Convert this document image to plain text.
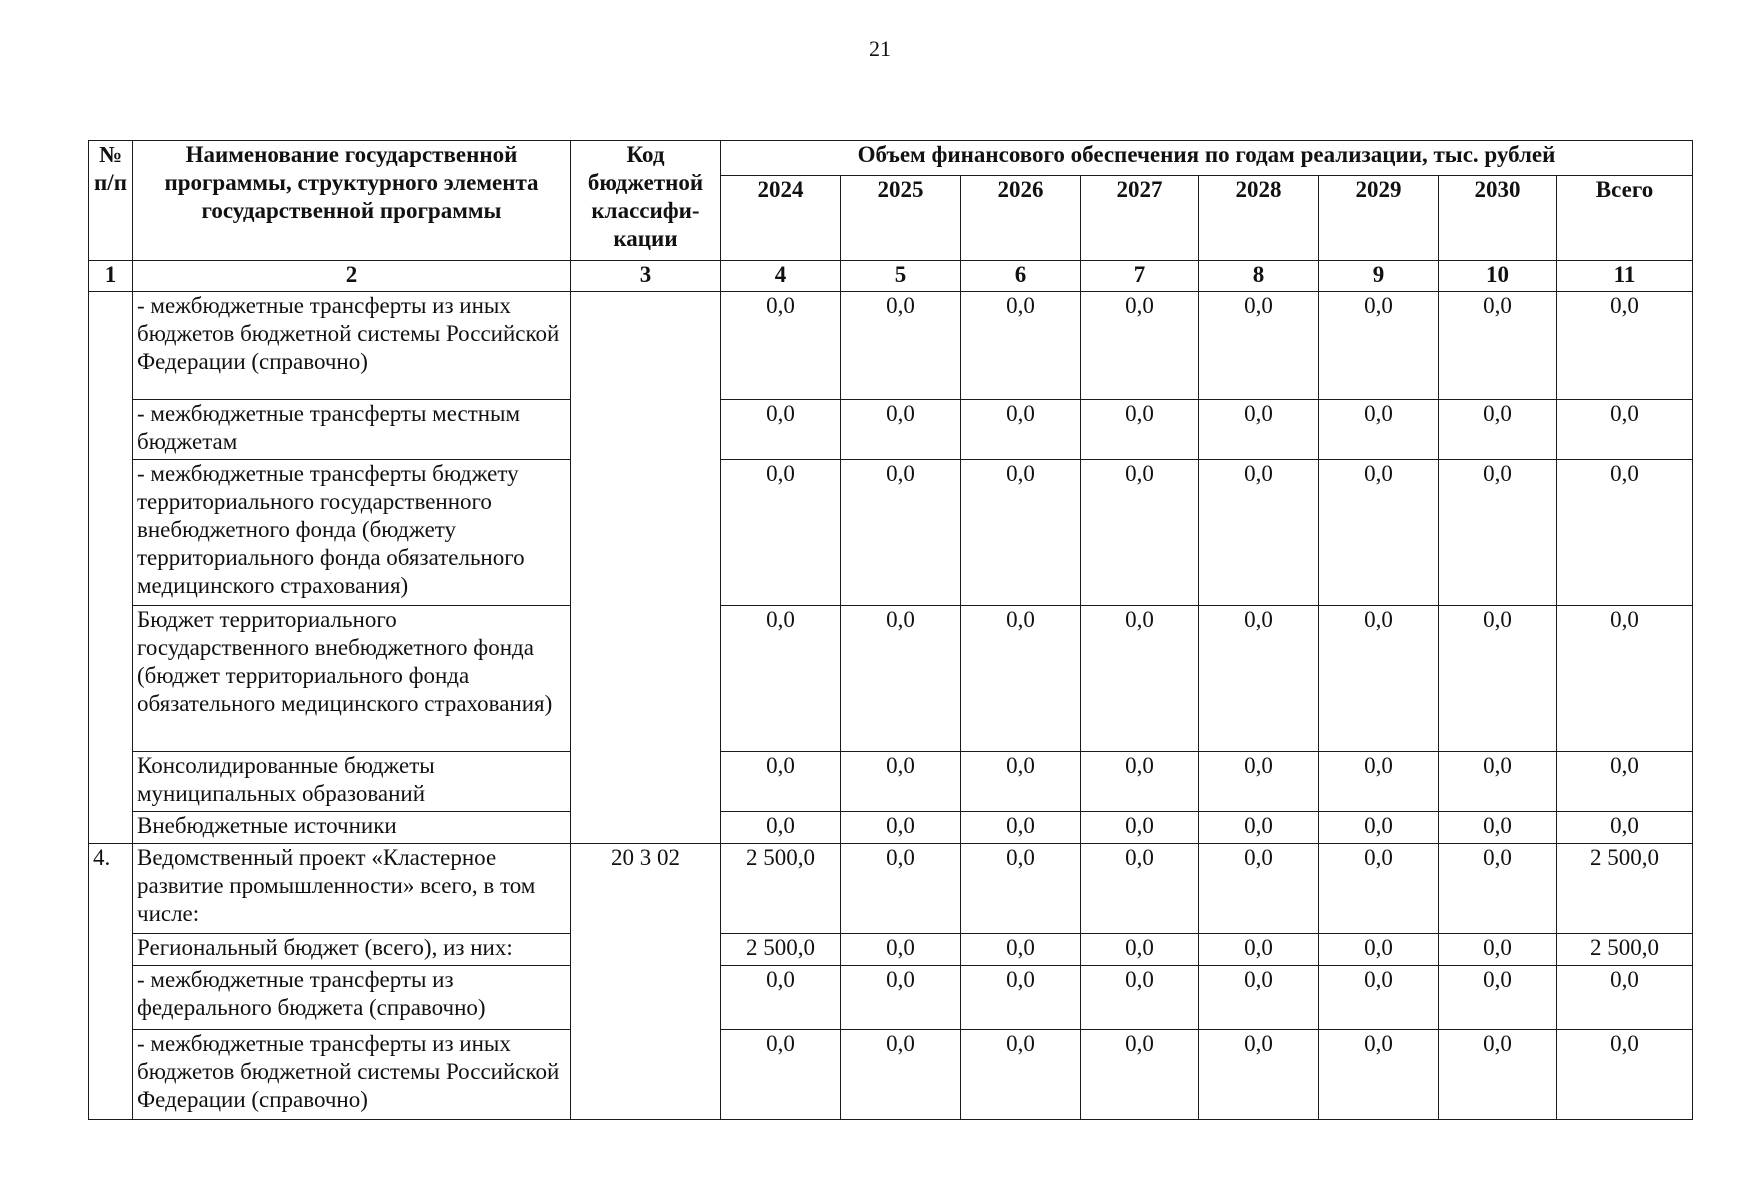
21
№ п/п	Наименование государственной программы, структурного элемента государственной программы	Код бюджетной классифи-кации	Объем финансового обеспечения по годам реализации, тыс. рублей							
			2024	2025	2026	2027	2028	2029	2030	Всего
1	2	3	4	5	6	7	8	9	10	11
	- межбюджетные трансферты из иных бюджетов бюджетной системы Российской Федерации (справочно)		0,0	0,0	0,0	0,0	0,0	0,0	0,0	0,0
	- межбюджетные трансферты местным бюджетам		0,0	0,0	0,0	0,0	0,0	0,0	0,0	0,0
	- межбюджетные трансферты бюджету территориального государственного внебюджетного фонда (бюджету территориального фонда обязательного медицинского страхования)		0,0	0,0	0,0	0,0	0,0	0,0	0,0	0,0
	Бюджет территориального государственного внебюджетного фонда (бюджет территориального фонда обязательного медицинского страхования)		0,0	0,0	0,0	0,0	0,0	0,0	0,0	0,0
	Консолидированные бюджеты муниципальных образований		0,0	0,0	0,0	0,0	0,0	0,0	0,0	0,0
	Внебюджетные источники		0,0	0,0	0,0	0,0	0,0	0,0	0,0	0,0
4.	Ведомственный проект «Кластерное развитие промышленности» всего, в том числе:	20 3 02	2 500,0	0,0	0,0	0,0	0,0	0,0	0,0	2 500,0
	Региональный бюджет (всего), из них:		2 500,0	0,0	0,0	0,0	0,0	0,0	0,0	2 500,0
	- межбюджетные трансферты из федерального бюджета (справочно)		0,0	0,0	0,0	0,0	0,0	0,0	0,0	0,0
	- межбюджетные трансферты из иных бюджетов бюджетной системы Российской Федерации (справочно)		0,0	0,0	0,0	0,0	0,0	0,0	0,0	0,0
